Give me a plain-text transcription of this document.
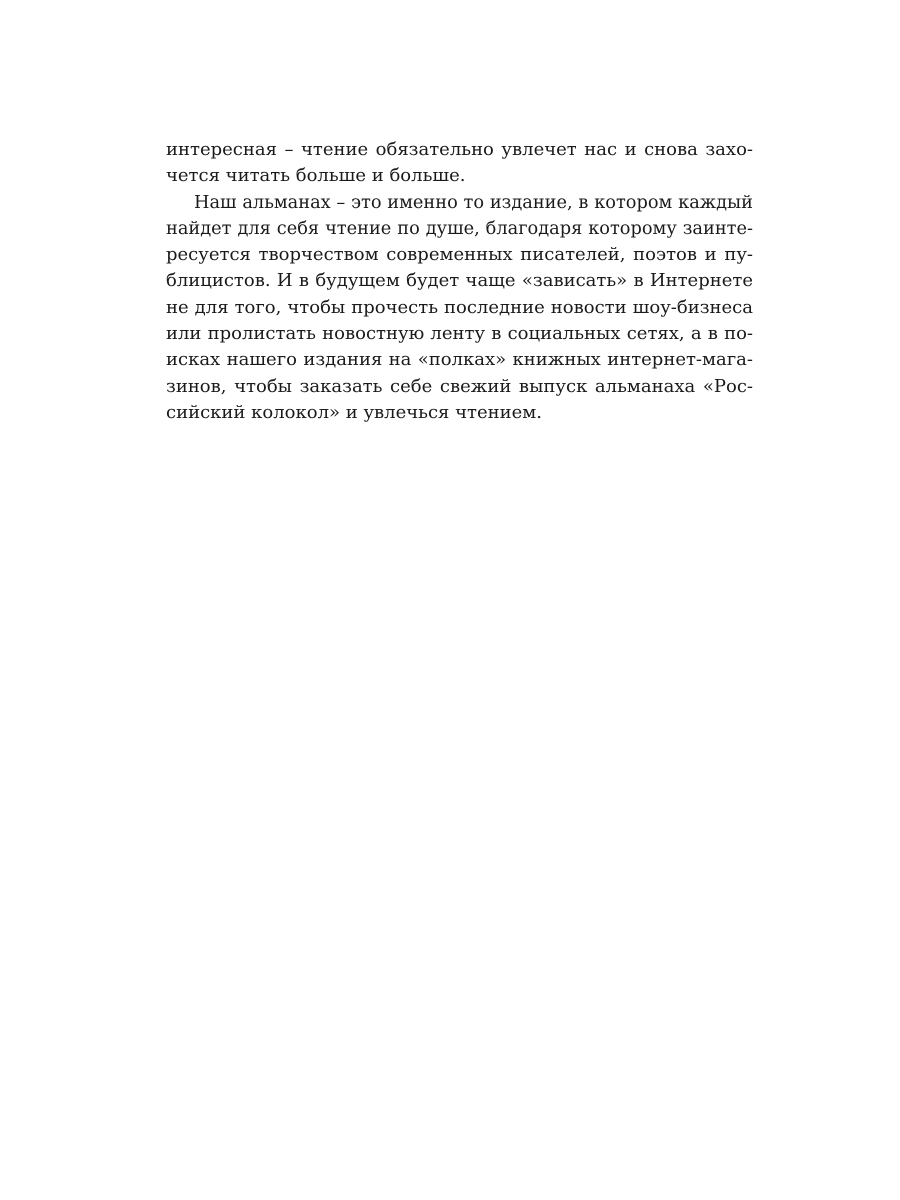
интересная – чтение обязательно увлечет нас и снова захо-
чется читать больше и больше.
Наш альманах – это именно то издание, в котором каждый
найдет для себя чтение по душе, благодаря которому заинте-
ресуется творчеством современных писателей, поэтов и пу-
блицистов. И в будущем будет чаще «зависать» в Интернете
не для того, чтобы прочесть последние новости шоу-бизнеса
или пролистать новостную ленту в социальных сетях, а в по-
исках нашего издания на «полках» книжных интернет-мага-
зинов, чтобы заказать себе свежий выпуск альманаха «Рос-
сийский колокол» и увлечься чтением.
